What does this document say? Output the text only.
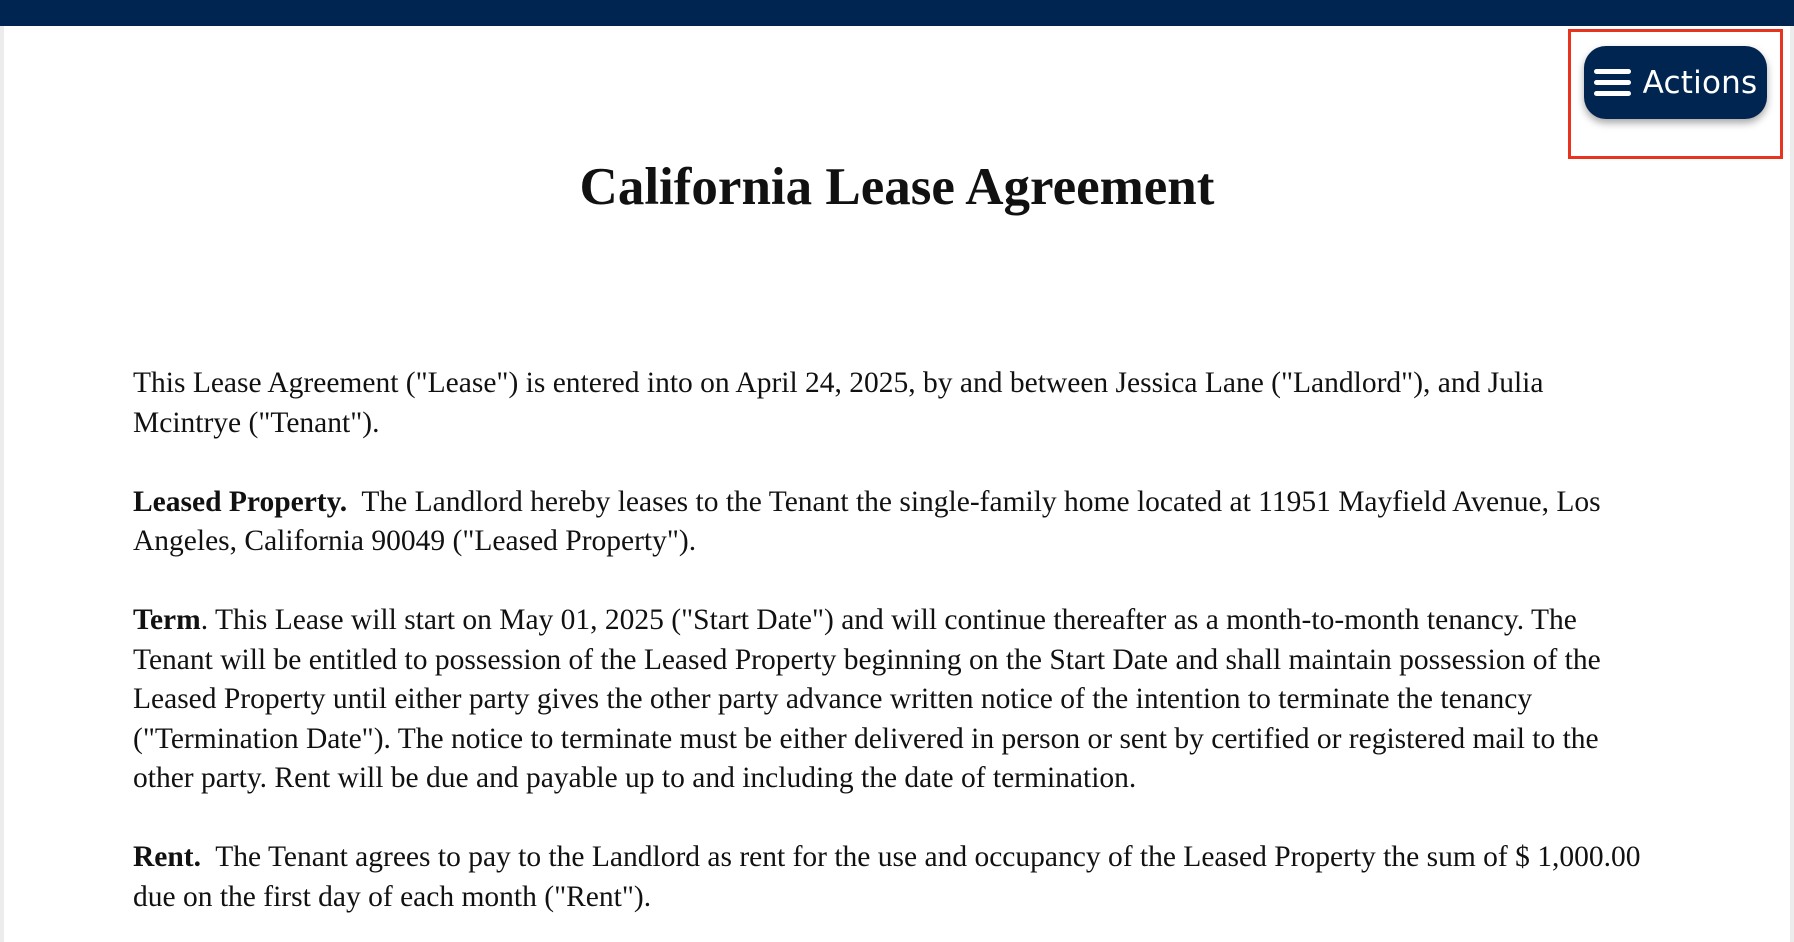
Actions
California Lease Agreement

This Lease Agreement ("Lease") is entered into on April 24, 2025, by and between Jessica Lane ("Landlord"), and Julia Mcintrye ("Tenant").

Leased Property. The Landlord hereby leases to the Tenant the single-family home located at 11951 Mayfield Avenue, Los Angeles, California 90049 ("Leased Property").

Term. This Lease will start on May 01, 2025 ("Start Date") and will continue thereafter as a month-to-month tenancy. The Tenant will be entitled to possession of the Leased Property beginning on the Start Date and shall maintain possession of the Leased Property until either party gives the other party advance written notice of the intention to terminate the tenancy ("Termination Date"). The notice to terminate must be either delivered in person or sent by certified or registered mail to the other party. Rent will be due and payable up to and including the date of termination.

Rent. The Tenant agrees to pay to the Landlord as rent for the use and occupancy of the Leased Property the sum of $ 1,000.00 due on the first day of each month ("Rent").
